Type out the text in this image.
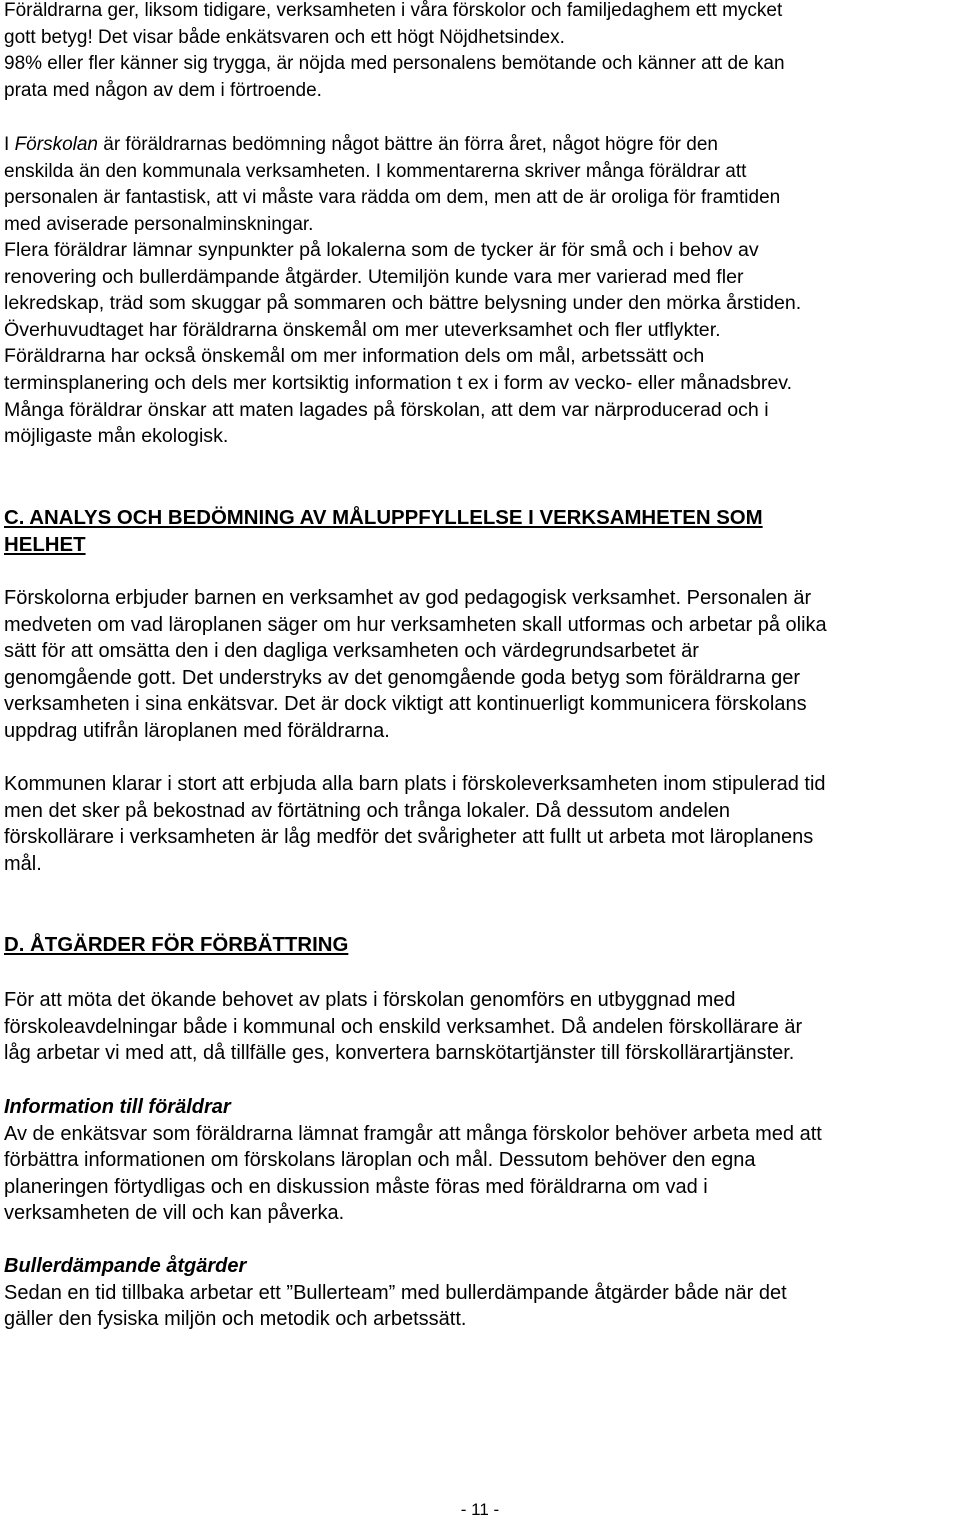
Föräldrarna ger, liksom tidigare, verksamheten i våra förskolor och familjedaghem ett mycket
gott betyg! Det visar både enkätsvaren och ett högt Nöjdhetsindex.
98% eller fler känner sig trygga, är nöjda med personalens bemötande och känner att de kan
prata med någon av dem i förtroende.

I Förskolan är föräldrarnas bedömning något bättre än förra året, något högre för den
enskilda än den kommunala verksamheten. I kommentarerna skriver många föräldrar att
personalen är fantastisk, att vi måste vara rädda om dem, men att de är oroliga för framtiden
med aviserade personalminskningar.

Flera föräldrar lämnar synpunkter på lokalerna som de tycker är för små och i behov av
renovering och bullerdämpande åtgärder. Utemiljön kunde vara mer varierad med fler
lekredskap, träd som skuggar på sommaren och bättre belysning under den mörka årstiden.
Överhuvudtaget har föräldrarna önskemål om mer uteverksamhet och fler utflykter.
Föräldrarna har också önskemål om mer information dels om mål, arbetssätt och
terminsplanering och dels mer kortsiktig information t ex i form av vecko- eller månadsbrev.
Många föräldrar önskar att maten lagades på förskolan, att dem var närproducerad och i
möjligaste mån ekologisk.

C. ANALYS OCH BEDÖMNING AV MÅLUPPFYLLELSE I VERKSAMHETEN SOM
HELHET

Förskolorna erbjuder barnen en verksamhet av god pedagogisk verksamhet. Personalen är
medveten om vad läroplanen säger om hur verksamheten skall utformas och arbetar på olika
sätt för att omsätta den i den dagliga verksamheten och värdegrundsarbetet är
genomgående gott. Det understryks av det genomgående goda betyg som föräldrarna ger
verksamheten i sina enkätsvar. Det är dock viktigt att kontinuerligt kommunicera förskolans
uppdrag utifrån läroplanen med föräldrarna.

Kommunen klarar i stort att erbjuda alla barn plats i förskoleverksamheten inom stipulerad tid
men det sker på bekostnad av förtätning och trånga lokaler. Då dessutom andelen
förskollärare i verksamheten är låg medför det svårigheter att fullt ut arbeta mot läroplanens
mål.

D. ÅTGÄRDER FÖR FÖRBÄTTRING

För att möta det ökande behovet av plats i förskolan genomförs en utbyggnad med
förskoleavdelningar både i kommunal och enskild verksamhet. Då andelen förskollärare är
låg arbetar vi med att, då tillfälle ges, konvertera barnskötartjänster till förskollärartjänster.

Information till föräldrar
Av de enkätsvar som föräldrarna lämnat framgår att många förskolor behöver arbeta med att
förbättra informationen om förskolans läroplan och mål. Dessutom behöver den egna
planeringen förtydligas och en diskussion måste föras med föräldrarna om vad i
verksamheten de vill och kan påverka.

Bullerdämpande åtgärder
Sedan en tid tillbaka arbetar ett ”Bullerteam” med bullerdämpande åtgärder både när det
gäller den fysiska miljön och metodik och arbetssätt.

- 11 -
